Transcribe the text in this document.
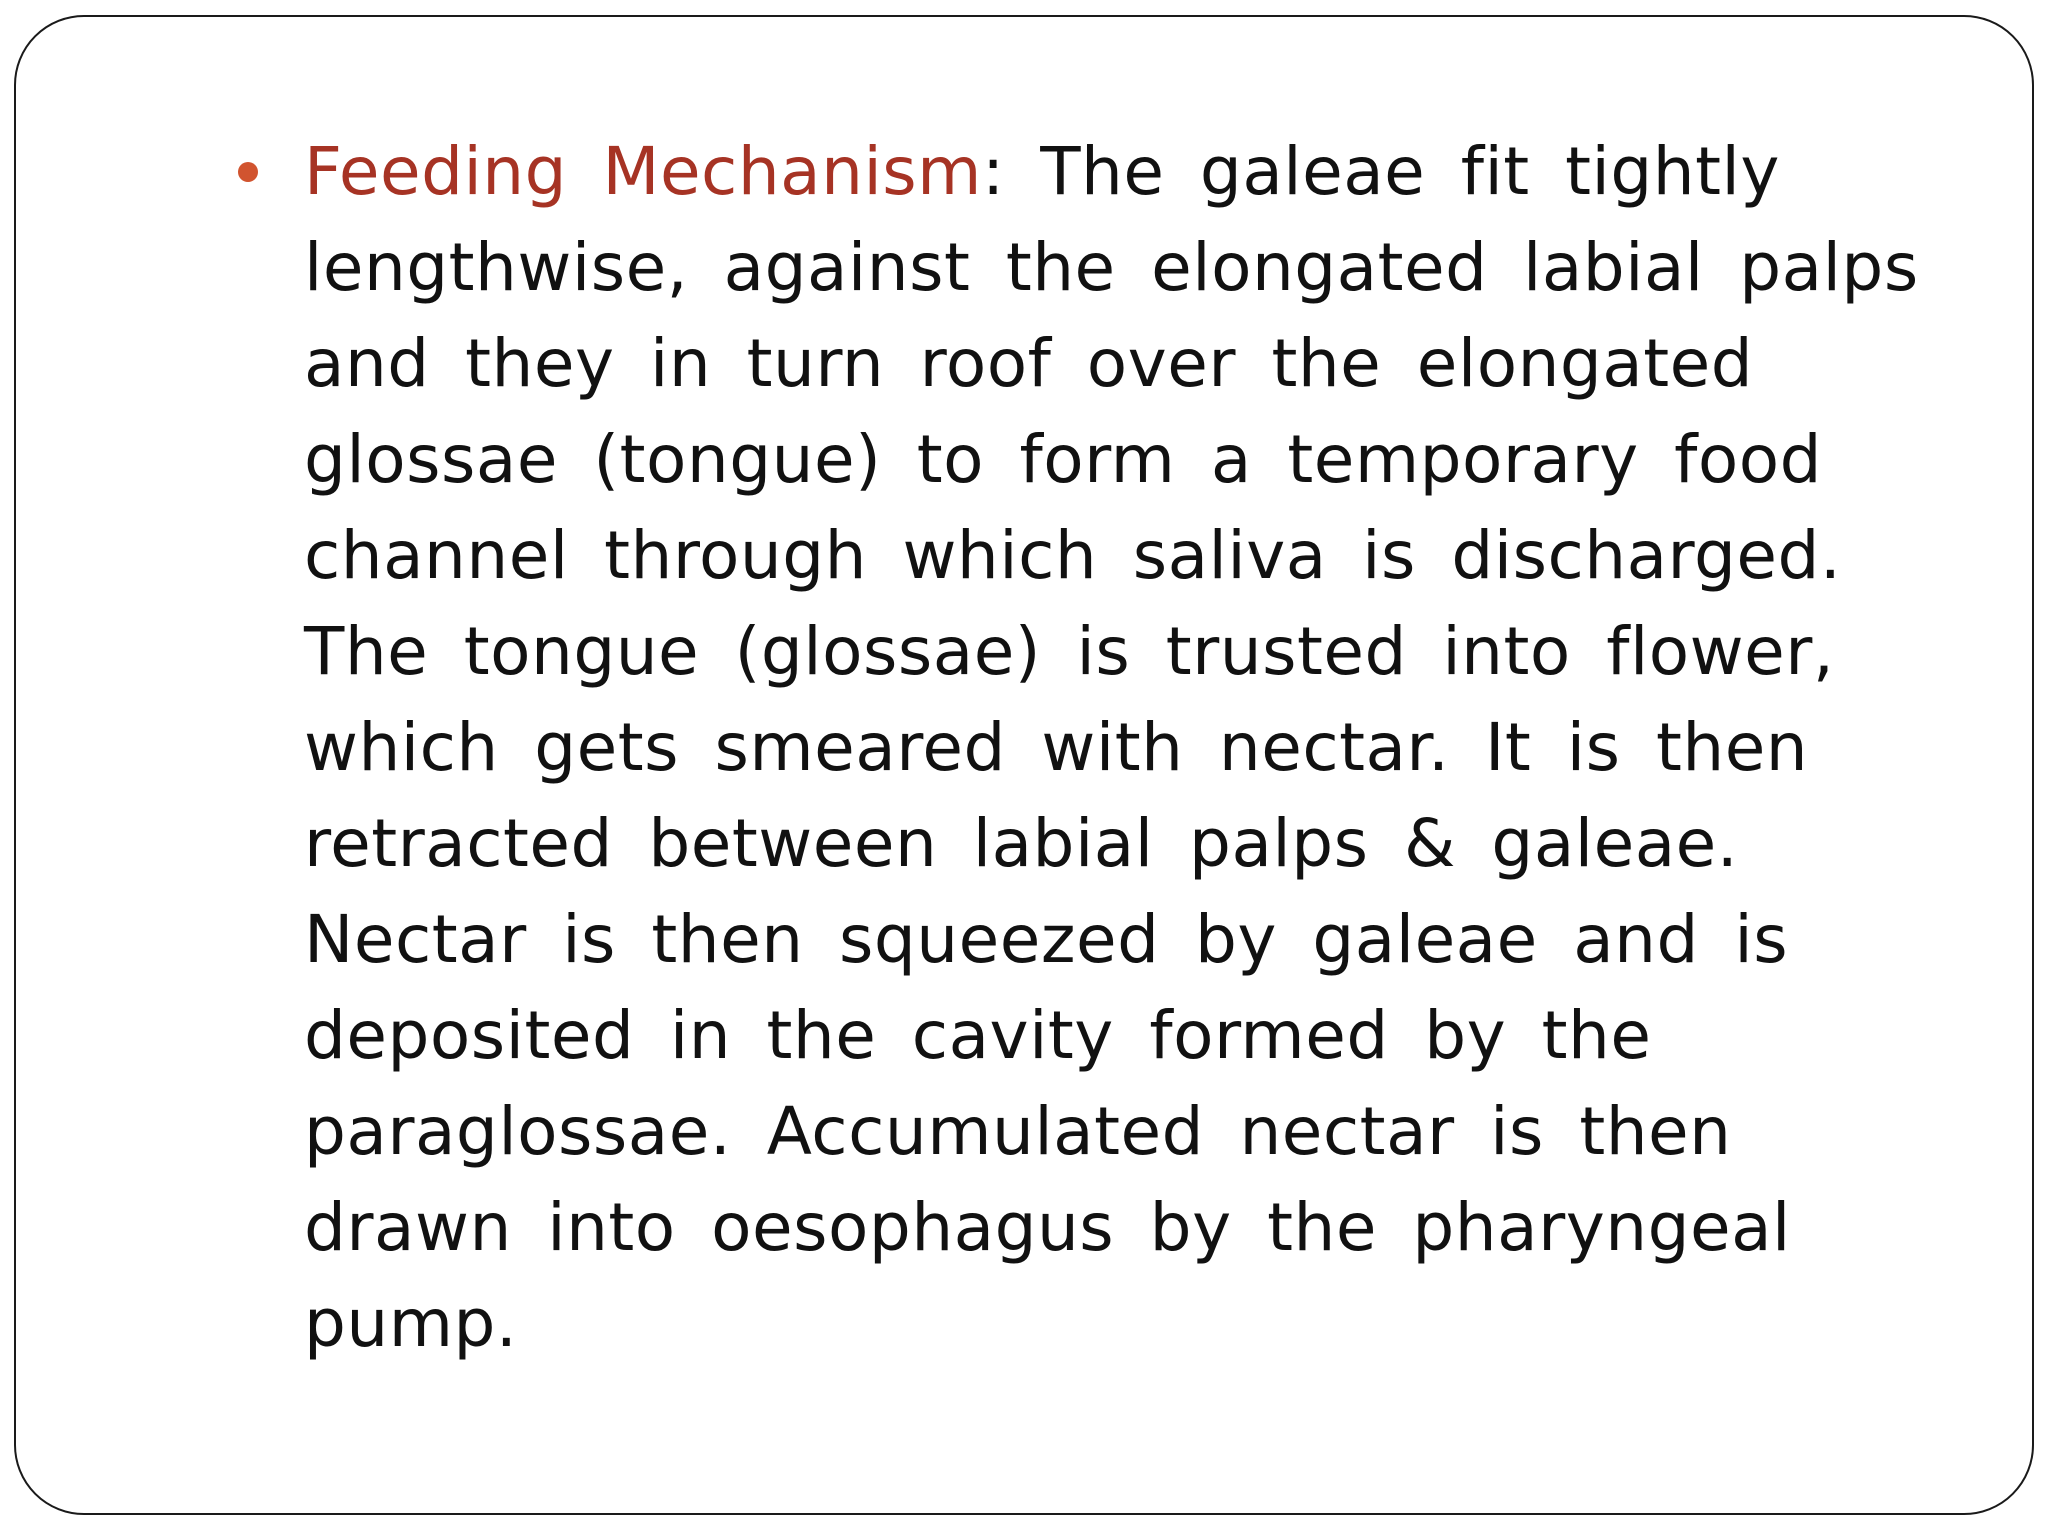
Feeding Mechanism: The galeae fit tightly lengthwise, against the elongated labial palps and they in turn roof over the elongated glossae (tongue) to form a temporary food channel through which saliva is discharged. The tongue (glossae) is trusted into flower, which gets smeared with nectar. It is then retracted between labial palps & galeae. Nectar is then squeezed by galeae and is deposited in the cavity formed by the paraglossae. Accumulated nectar is then drawn into oesophagus by the pharyngeal pump.
